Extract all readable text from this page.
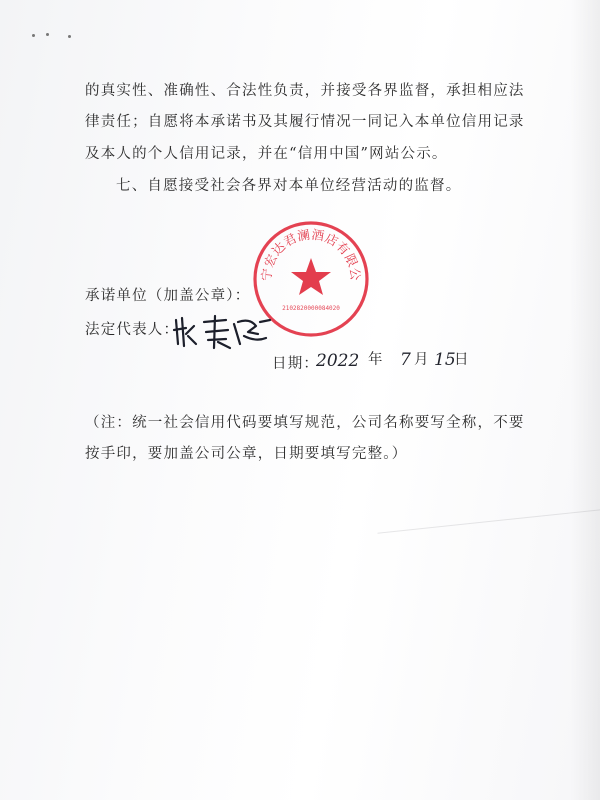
的真实性、准确性、合法性负责，并接受各界监督，承担相应法
律责任；自愿将本承诺书及其履行情况一同记入本单位信用记录
及本人的个人信用记录，并在“信用中国”网站公示。
七、自愿接受社会各界对本单位经营活动的监督。
宁宏达君澜酒店有限公
2102820000084020
承诺单位（加盖公章）：
法定代表人：
日期：
2022 年 7 月 15
日
（注：统一社会信用代码要填写规范，公司名称要写全称，不要
按手印，要加盖公司公章，日期要填写完整。）
